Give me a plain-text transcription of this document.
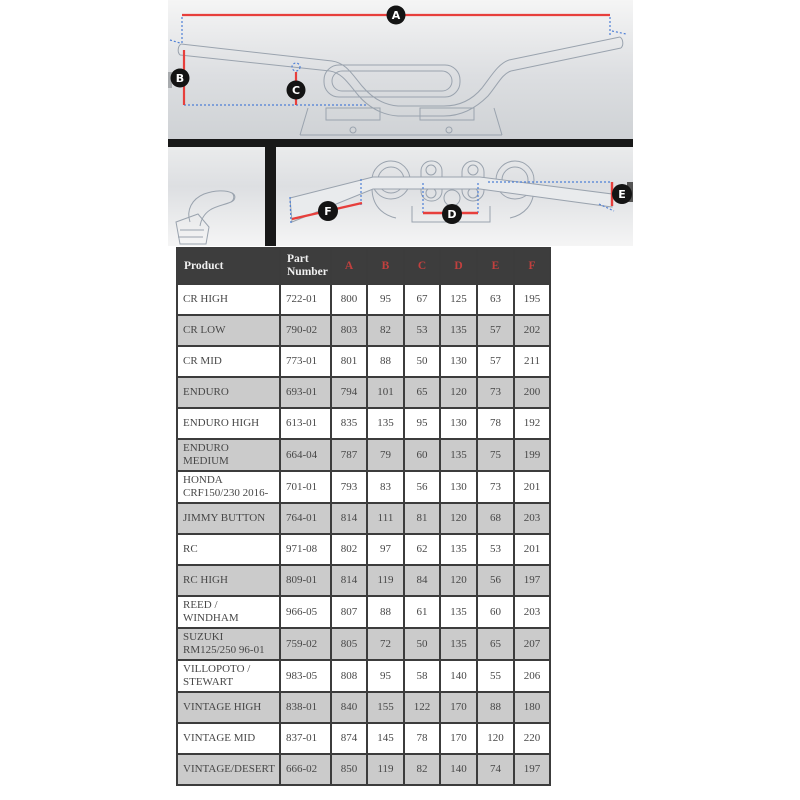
A
B
C
F	D
E
Product	Part Number	A	B	C	D	E	F
CR HIGH	722-01	800	95	67	125	63	195
CR LOW	790-02	803	82	53	135	57	202
CR MID	773-01	801	88	50	130	57	211
ENDURO	693-01	794	101	65	120	73	200
ENDURO HIGH	613-01	835	135	95	130	78	192
ENDURO MEDIUM	664-04	787	79	60	135	75	199
HONDA CRF150/230 2016-	701-01	793	83	56	130	73	201
JIMMY BUTTON	764-01	814	111	81	120	68	203
RC	971-08	802	97	62	135	53	201
RC HIGH	809-01	814	119	84	120	56	197
REED / WINDHAM	966-05	807	88	61	135	60	203
SUZUKI RM125/250 96-01	759-02	805	72	50	135	65	207
VILLOPOTO / STEWART	983-05	808	95	58	140	55	206
VINTAGE HIGH	838-01	840	155	122	170	88	180
VINTAGE MID	837-01	874	145	78	170	120	220
VINTAGE/DESERT	666-02	850	119	82	140	74	197
